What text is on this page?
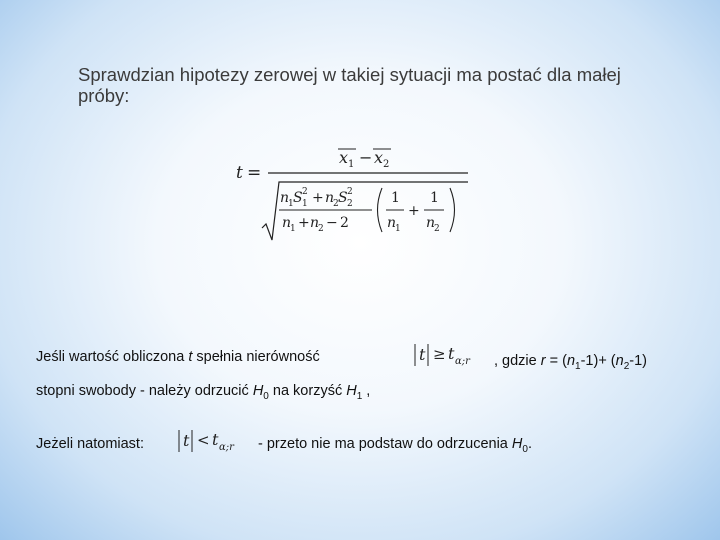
Sprawdzian hipotezy zerowej w takiej sytuacji ma postać dla małej
próby:
t =
x 1 − x 2
n
1 S 1
2 + n
2 S 2
2
n
1 + n
2 − 2
1
n
1
+
1
n
2
Jeśli wartość obliczona t spełnia nierówność	t ≥ t α;r , gdzie $r = (n_1-1)+ (n_2-1)$
stopni swobody - należy odrzucić $H_0$ na korzyść $H_1$ ,
Jeżeli natomiast: t < t α;r - przeto nie ma podstaw do odrzucenia $H_0$.
